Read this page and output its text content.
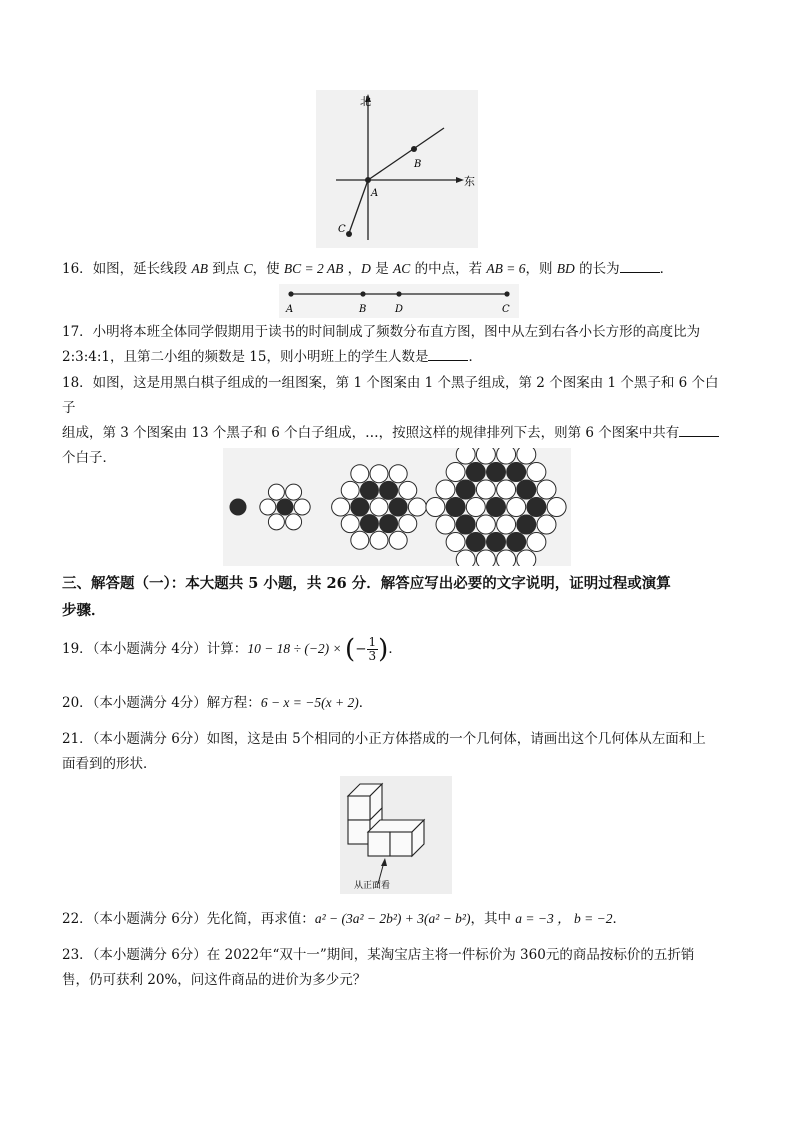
北
东
A
B
C
16．如图，延长线段 AB 到点 C，使 BC = 2 AB ，D 是 AC 的中点，若 AB = 6，则 BD 的长为	．
A	B	D	C
17．小明将本班全体同学假期用于读书的时间制成了频数分布直方图，图中从左到右各小长方形的高度比为
2:3:4:1，且第二小组的频数是 15，则小明班上的学生人数是	．
18．如图，这是用黑白棋子组成的一组图案，第 1 个图案由 1 个黑子组成，第 2 个图案由 1 个黑子和 6 个白子
组成，第 3 个图案由 13 个黑子和 6 个白子组成，…，按照这样的规律排列下去，则第 6 个图案中共有
个白子．
三、解答题（一）：本大题共 5 小题，共 26 分．解答应写出必要的文字说明，证明过程或演算
步骤．
19．（本小题满分 4分）计算：10 − 18 ÷ (−2) × (− $\frac{1}{3}$ )．
20．（本小题满分 4分）解方程：6 − x = −5(x + 2)．
21．（本小题满分 6分）如图，这是由 5个相同的小正方体搭成的一个几何体，请画出这个几何体从左面和上
面看到的形状．
从正面看
22．（本小题满分 6分）先化简，再求值：a² − (3a² − 2b²) + 3(a² − b²)，其中 a = −3 ， b = −2．
23．（本小题满分 6分）在 2022年“双十一”期间，某淘宝店主将一件标价为 360元的商品按标价的五折销
售，仍可获利 20%，问这件商品的进价为多少元？
